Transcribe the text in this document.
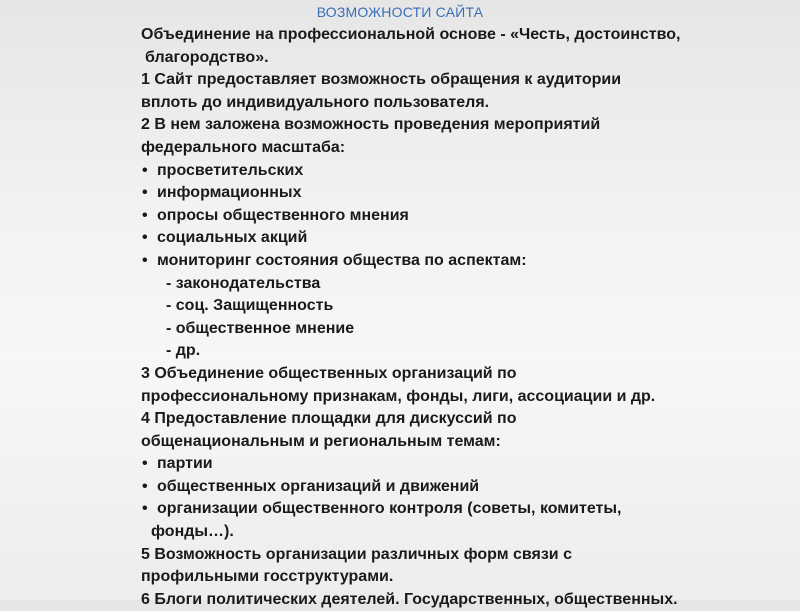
ВОЗМОЖНОСТИ САЙТА
Объединение на профессиональной основе - «Честь, достоинство,
благородство».
1 Сайт предоставляет возможность обращения к аудитории
вплоть до индивидуального пользователя.
2 В нем заложена возможность проведения мероприятий
федерального масштаба:
• просветительских
• информационных
• опросы общественного мнения
• социальных акций
• мониторинг состояния общества по аспектам:
- законодательства
- соц. Защищенность
- общественное мнение
- др.
3 Объединение общественных организаций по
профессиональному признакам, фонды, лиги, ассоциации и др.
4 Предоставление площадки для дискуссий по
общенациональным и региональным темам:
• партии
• общественных организаций и движений
• организации общественного контроля (советы, комитеты,
фонды…).
5 Возможность организации различных форм связи с
профильными госструктурами.
6 Блоги политических деятелей. Государственных, общественных.
